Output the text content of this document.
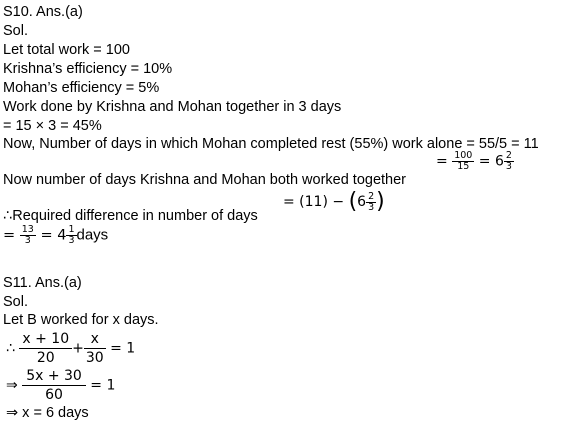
S10. Ans.(a)
Sol.
Let total work = 100
Krishna’s efficiency = 10%
Mohan’s efficiency = 5%
Work done by Krishna and Mohan together in 3 days
= 15 × 3 = 45%
Now, Number of days in which Mohan completed rest (55%) work alone = 55/5 = 11
= $\frac{100}{15} = 6 \frac{2}{3}$
Now number of days Krishna and Mohan both worked together
= $(11) - (6 \frac{2}{3}$ )
∴Required difference in number of days
= $\frac{13}{3} = 4 \frac{1}{3}$ days
S11. Ans.(a)
Sol.
Let B worked for x days.
∴ $\frac{x + 10}{20} + \frac{x}{30} = 1$
⇒ $\frac{5x + 30}{60} = 1$
⇒ x = 6 days
